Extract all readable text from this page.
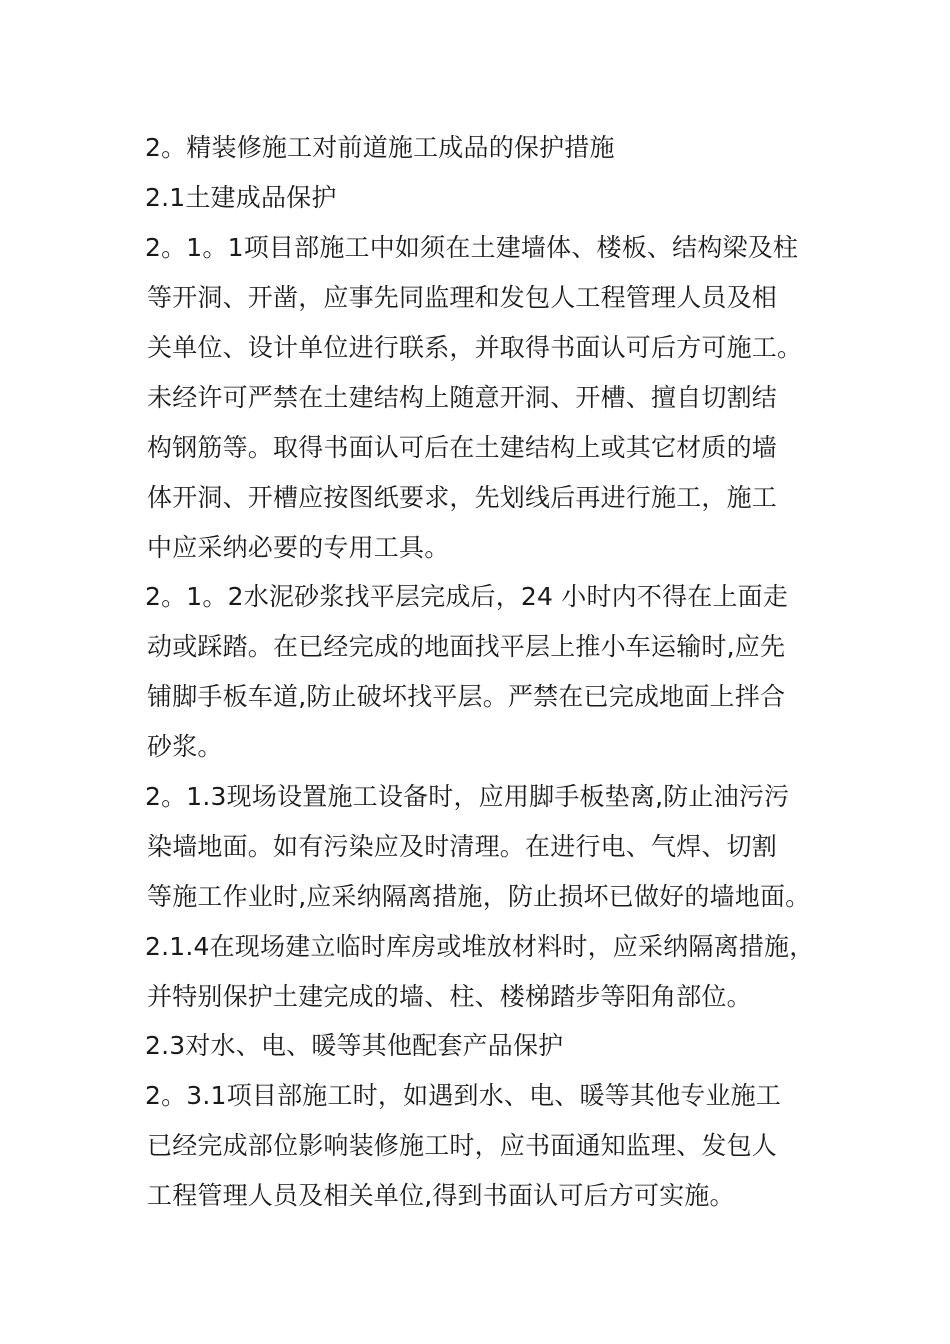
2。精装修施工对前道施工成品的保护措施
2.1土建成品保护
2。1。1项目部施工中如须在土建墙体、楼板、结构梁及柱
等开洞、开凿，应事先同监理和发包人工程管理人员及相
关单位、设计单位进行联系，并取得书面认可后方可施工。
未经许可严禁在土建结构上随意开洞、开槽、擅自切割结
构钢筋等。取得书面认可后在土建结构上或其它材质的墙
体开洞、开槽应按图纸要求，先划线后再进行施工，施工
中应采纳必要的专用工具。
2。1。2水泥砂浆找平层完成后，24 小时内不得在上面走
动或踩踏。在已经完成的地面找平层上推小车运输时,应先
铺脚手板车道,防止破坏找平层。严禁在已完成地面上拌合
砂浆。
2。1.3现场设置施工设备时，应用脚手板垫离,防止油污污
染墙地面。如有污染应及时清理。在进行电、气焊、切割
等施工作业时,应采纳隔离措施，防止损坏已做好的墙地面。
2.1.4在现场建立临时库房或堆放材料时，应采纳隔离措施，
并特别保护土建完成的墙、柱、楼梯踏步等阳角部位。
2.3对水、电、暖等其他配套产品保护
2。3.1项目部施工时，如遇到水、电、暖等其他专业施工
已经完成部位影响装修施工时，应书面通知监理、发包人
工程管理人员及相关单位,得到书面认可后方可实施。
